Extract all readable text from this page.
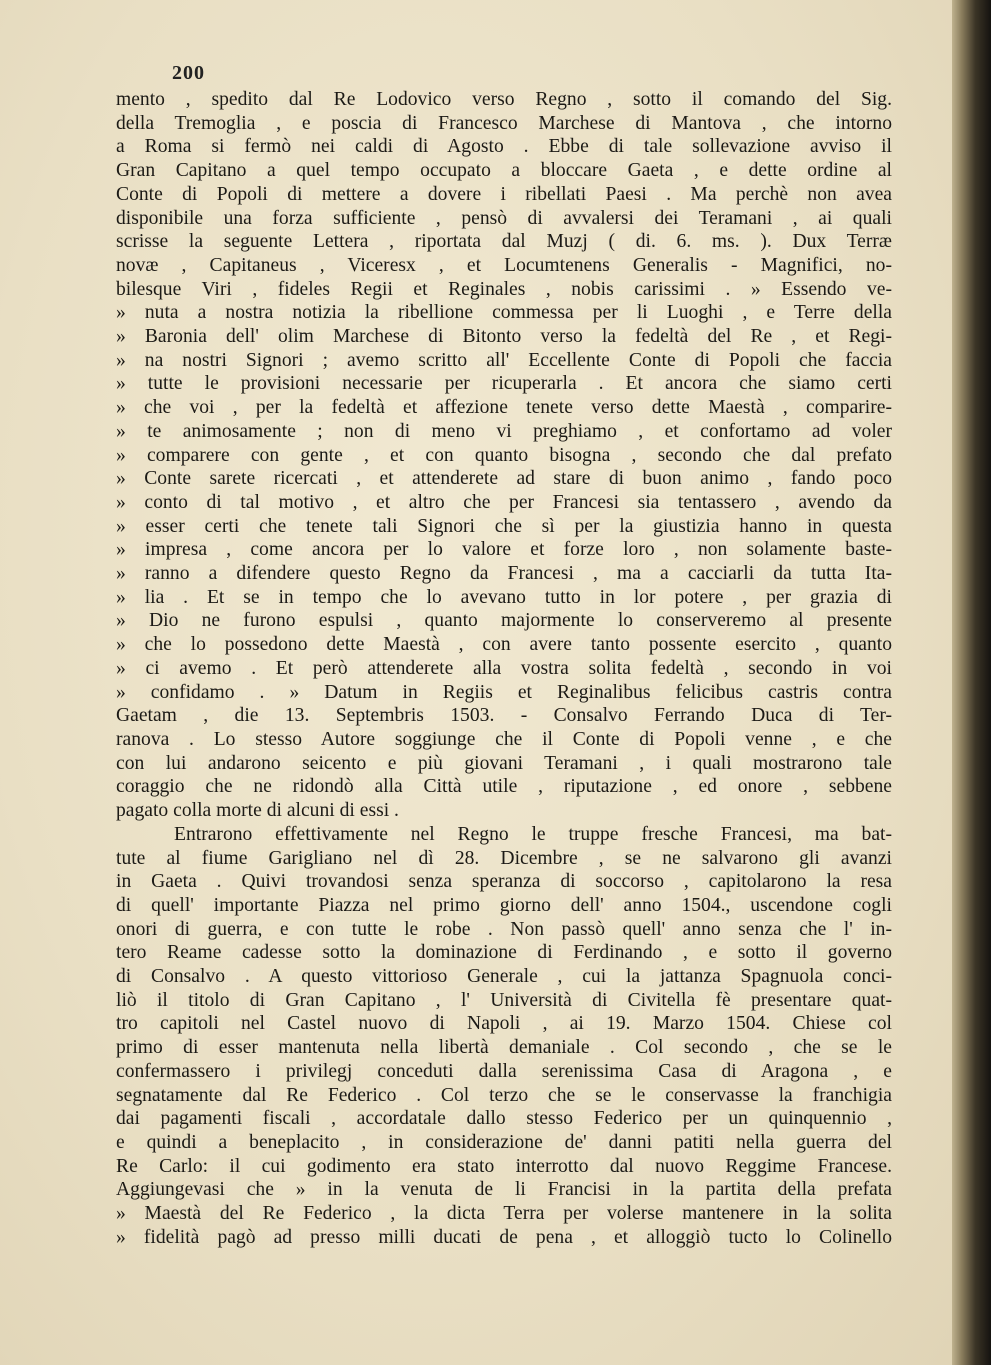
200
mento , spedito dal Re Lodovico verso Regno , sotto il comando del Sig.
della Tremoglia , e poscia di Francesco Marchese di Mantova , che intorno
a Roma si fermò nei caldi di Agosto . Ebbe di tale sollevazione avviso il
Gran Capitano a quel tempo occupato a bloccare Gaeta , e dette ordine al
Conte di Popoli di mettere a dovere i ribellati Paesi . Ma perchè non avea
disponibile una forza sufficiente , pensò di avvalersi dei Teramani , ai quali
scrisse la seguente Lettera , riportata dal Muzj ( di. 6. ms. ). Dux Terræ
novæ , Capitaneus , Viceresx , et Locumtenens Generalis - Magnifici, no-
bilesque Viri , fideles Regii et Reginales , nobis carissimi . » Essendo ve-
» nuta a nostra notizia la ribellione commessa per li Luoghi , e Terre della
» Baronia dell' olim Marchese di Bitonto verso la fedeltà del Re , et Regi-
» na nostri Signori ; avemo scritto all' Eccellente Conte di Popoli che faccia
» tutte le provisioni necessarie per ricuperarla . Et ancora che siamo certi
» che voi , per la fedeltà et affezione tenete verso dette Maestà , comparire-
» te animosamente ; non di meno vi preghiamo , et confortamo ad voler
» comparere con gente , et con quanto bisogna , secondo che dal prefato
» Conte sarete ricercati , et attenderete ad stare di buon animo , fando poco
» conto di tal motivo , et altro che per Francesi sia tentassero , avendo da
» esser certi che tenete tali Signori che sì per la giustizia hanno in questa
» impresa , come ancora per lo valore et forze loro , non solamente baste-
» ranno a difendere questo Regno da Francesi , ma a cacciarli da tutta Ita-
» lia . Et se in tempo che lo avevano tutto in lor potere , per grazia di
» Dio ne furono espulsi , quanto majormente lo conserveremo al presente
» che lo possedono dette Maestà , con avere tanto possente esercito , quanto
» ci avemo . Et però attenderete alla vostra solita fedeltà , secondo in voi
» confidamo . » Datum in Regiis et Reginalibus felicibus castris contra
Gaetam , die 13. Septembris 1503. - Consalvo Ferrando Duca di Ter-
ranova . Lo stesso Autore soggiunge che il Conte di Popoli venne , e che
con lui andarono seicento e più giovani Teramani , i quali mostrarono tale
coraggio che ne ridondò alla Città utile , riputazione , ed onore , sebbene
pagato colla morte di alcuni di essi .
Entrarono effettivamente nel Regno le truppe fresche Francesi, ma bat-
tute al fiume Garigliano nel dì 28. Dicembre , se ne salvarono gli avanzi
in Gaeta . Quivi trovandosi senza speranza di soccorso , capitolarono la resa
di quell' importante Piazza nel primo giorno dell' anno 1504., uscendone cogli
onori di guerra, e con tutte le robe . Non passò quell' anno senza che l' in-
tero Reame cadesse sotto la dominazione di Ferdinando , e sotto il governo
di Consalvo . A questo vittorioso Generale , cui la jattanza Spagnuola conci-
liò il titolo di Gran Capitano , l' Università di Civitella fè presentare quat-
tro capitoli nel Castel nuovo di Napoli , ai 19. Marzo 1504. Chiese col
primo di esser mantenuta nella libertà demaniale . Col secondo , che se le
confermassero i privilegj conceduti dalla serenissima Casa di Aragona , e
segnatamente dal Re Federico . Col terzo che se le conservasse la franchigia
dai pagamenti fiscali , accordatale dallo stesso Federico per un quinquennio ,
e quindi a beneplacito , in considerazione de' danni patiti nella guerra del
Re Carlo: il cui godimento era stato interrotto dal nuovo Reggime Francese.
Aggiungevasi che » in la venuta de li Francisi in la partita della prefata
» Maestà del Re Federico , la dicta Terra per volerse mantenere in la solita
» fidelità pagò ad presso milli ducati de pena , et alloggiò tucto lo Colinello
